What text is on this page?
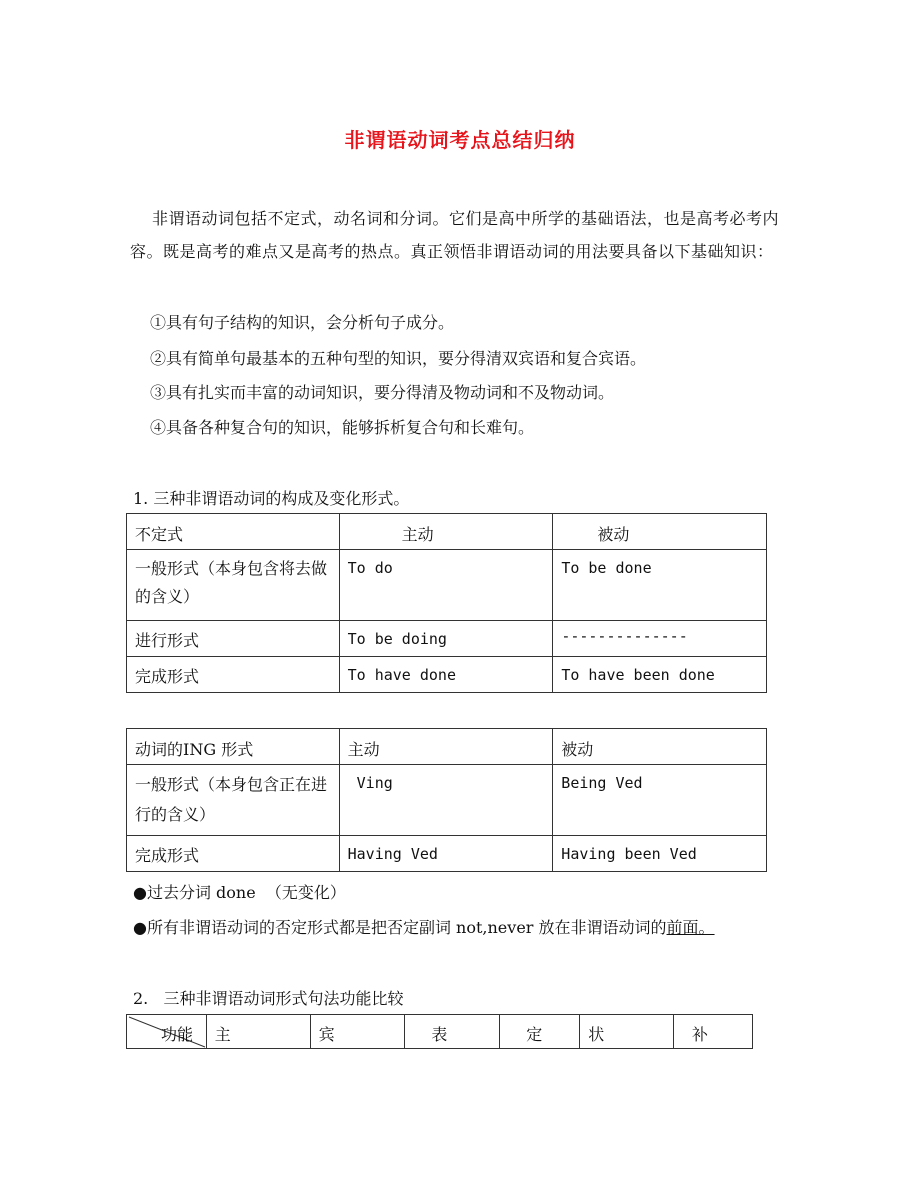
非谓语动词考点总结归纳
非谓语动词包括不定式，动名词和分词。它们是高中所学的基础语法，也是高考必考内容。既是高考的难点又是高考的热点。真正领悟非谓语动词的用法要具备以下基础知识：
①具有句子结构的知识，会分析句子成分。
②具有简单句最基本的五种句型的知识，要分得清双宾语和复合宾语。
③具有扎实而丰富的动词知识，要分得清及物动词和不及物动词。
④具备各种复合句的知识，能够拆析复合句和长难句。
1. 三种非谓语动词的构成及变化形式。
不定式	主动	被动
一般形式（本身包含将去做的含义）	To do	To be done
进行形式	To be doing	--------------
完成形式	To have done	To have been done
动词的ING 形式	主动	被动
一般形式（本身包含正在进行的含义）	Ving	Being Ved
完成形式	Having Ved	Having been Ved
●过去分词 done  （无变化）
●所有非谓语动词的否定形式都是把否定副词 not,never 放在非谓语动词的前面。
2.   三种非谓语动词形式句法功能比较
功能	主	宾	表	定	状	补
